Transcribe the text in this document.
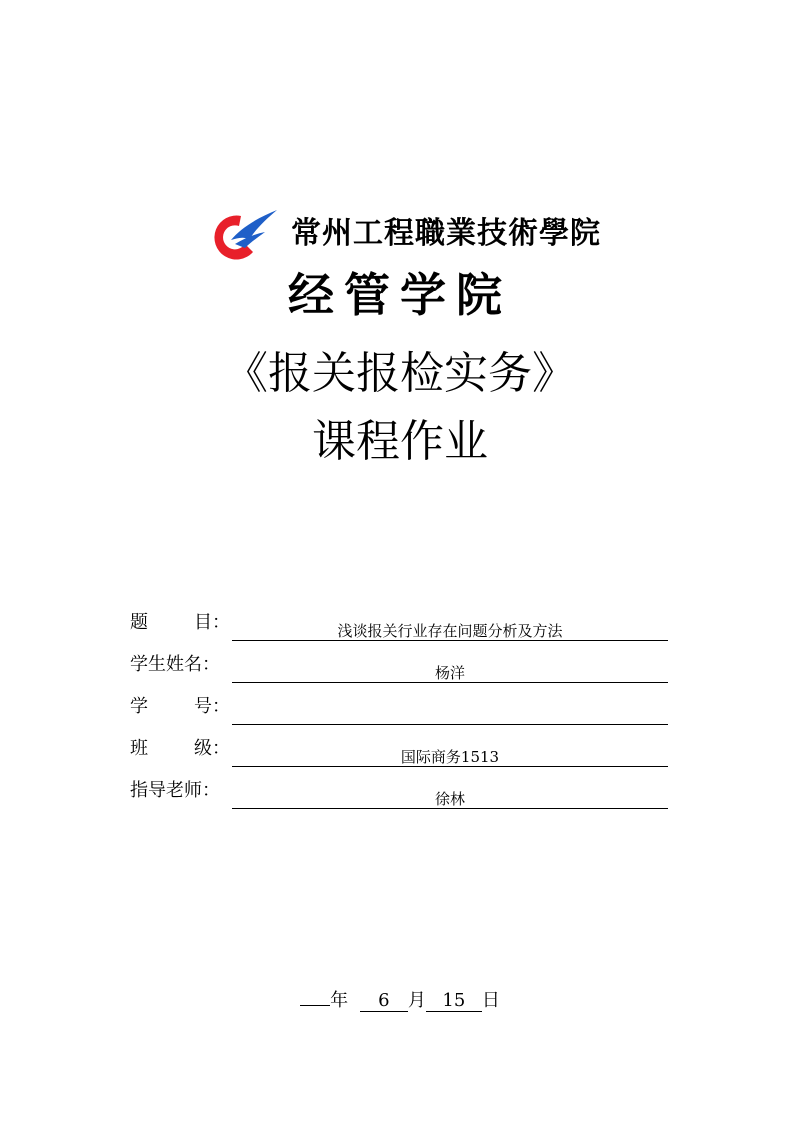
常州工程職業技術學院
经管学院
《报关报检实务》
课程作业
题	目：	浅谈报关行业存在问题分析及方法
学生姓名：	杨洋
学	号：
班	级：	国际商务1513
指导老师：	徐林
年 6 月 15 日
